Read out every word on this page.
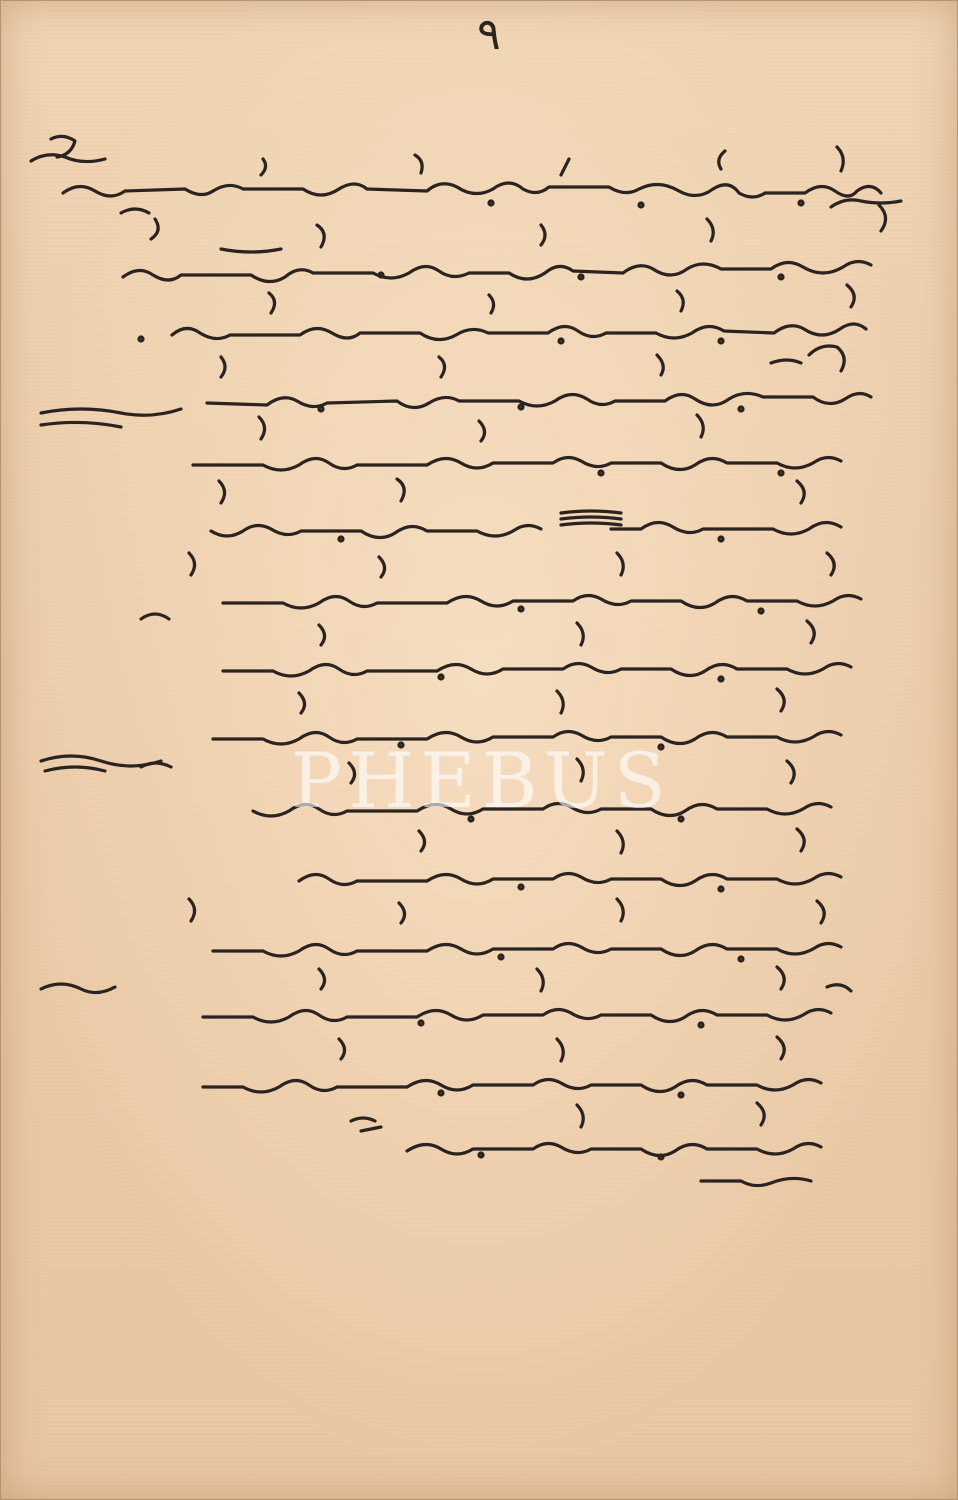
٩
PHEBUS
